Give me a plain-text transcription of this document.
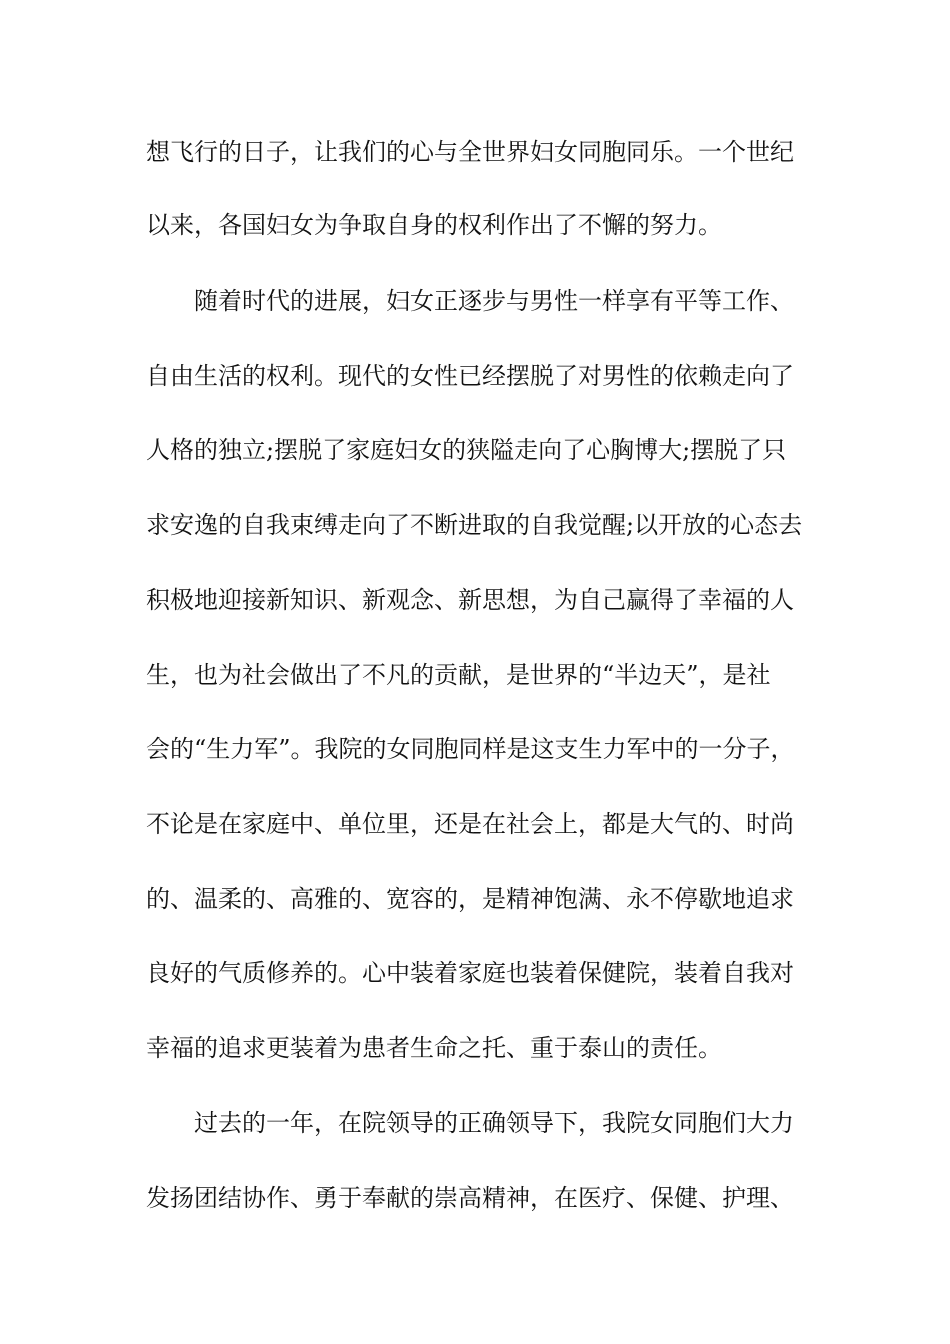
想飞行的日子，让我们的心与全世界妇女同胞同乐。一个世纪
以来，各国妇女为争取自身的权利作出了不懈的努力。
随着时代的进展，妇女正逐步与男性一样享有平等工作、
自由生活的权利。现代的女性已经摆脱了对男性的依赖走向了
人格的独立;摆脱了家庭妇女的狭隘走向了心胸博大;摆脱了只
求安逸的自我束缚走向了不断进取的自我觉醒;以开放的心态去
积极地迎接新知识、新观念、新思想，为自己赢得了幸福的人
生，也为社会做出了不凡的贡献，是世界的“半边天”，是社
会的“生力军”。我院的女同胞同样是这支生力军中的一分子，
不论是在家庭中、单位里，还是在社会上，都是大气的、时尚
的、温柔的、高雅的、宽容的，是精神饱满、永不停歇地追求
良好的气质修养的。心中装着家庭也装着保健院，装着自我对
幸福的追求更装着为患者生命之托、重于泰山的责任。
过去的一年，在院领导的正确领导下，我院女同胞们大力
发扬团结协作、勇于奉献的崇高精神，在医疗、保健、护理、
